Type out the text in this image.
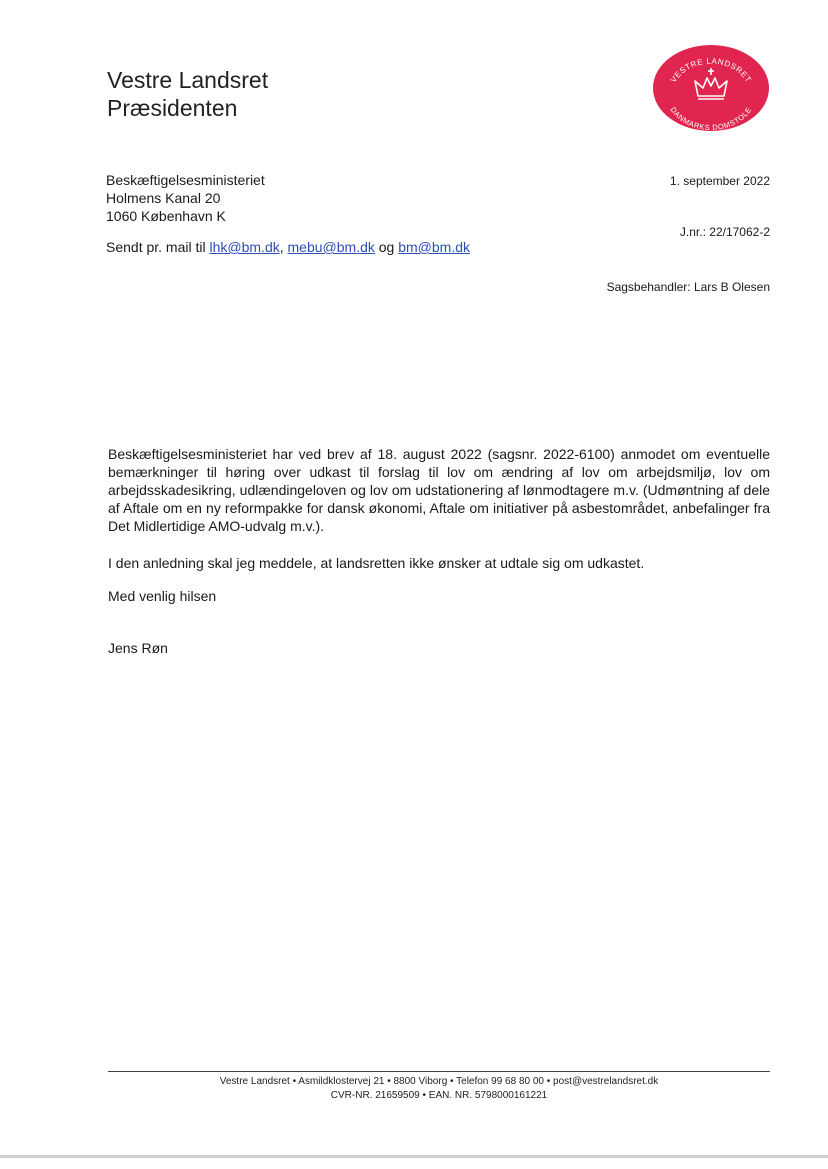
Vestre Landsret
Præsidenten
VESTRE LANDSRET
DANMARKS DOMSTOLE
Beskæftigelsesministeriet
Holmens Kanal 20
1060 København K
Sendt pr. mail til lhk@bm.dk, mebu@bm.dk og bm@bm.dk
1. september 2022
J.nr.: 22/17062-2
Sagsbehandler: Lars B Olesen

Beskæftigelsesministeriet har ved brev af 18. august 2022 (sagsnr. 2022-6100) anmodet om eventuelle bemærkninger til høring over udkast til forslag til lov om ændring af lov om arbejdsmiljø, lov om arbejdsskadesikring, udlændingeloven og lov om udstationering af lønmodtagere m.v. (Udmøntning af dele af Aftale om en ny reformpakke for dansk økonomi, Aftale om initiativer på asbestområdet, anbefalinger fra Det Midlertidige AMO-udvalg m.v.).

I den anledning skal jeg meddele, at landsretten ikke ønsker at udtale sig om udkastet.

Med venlig hilsen

Jens Røn

Vestre Landsret • Asmildklostervej 21 • 8800 Viborg • Telefon 99 68 80 00 • post@vestrelandsret.dk
CVR-NR. 21659509 • EAN. NR. 5798000161221
